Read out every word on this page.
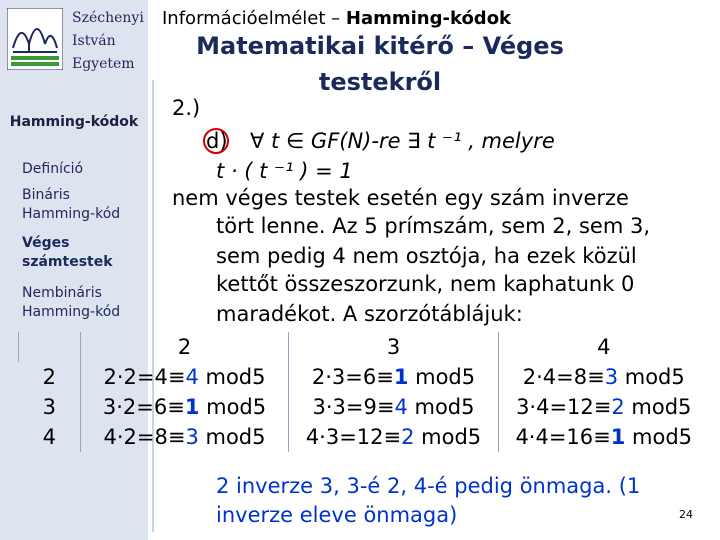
Széchenyi
István
Egyetem
Hamming-kódok
Definíció
Bináris Hamming-kód
Véges számtestek
Nembináris Hamming-kód
Információelmélet – Hamming-kódok
Matematikai kitérő – Véges testekről
2.)
d) ∀ t ∈ GF(N)-re ∃ t ⁻¹ , melyre
t · ( t ⁻¹ ) = 1
nem véges testek esetén egy szám inverze
tört lenne. Az 5 prímszám, sem 2, sem 3,
sem pedig 4 nem osztója, ha ezek közül
kettőt összeszorzunk, nem kaphatunk 0
maradékot. A szorzótáblájuk:
	2	3	4
2	2·2=4≡4 mod5	2·3=6≡1 mod5	2·4=8≡3 mod5
3	3·2=6≡1 mod5	3·3=9≡4 mod5	3·4=12≡2 mod5
4	4·2=8≡3 mod5	4·3=12≡2 mod5	4·4=16≡1 mod5
2 inverze 3, 3-é 2, 4-é pedig önmaga. (1 inverze eleve önmaga)	24
